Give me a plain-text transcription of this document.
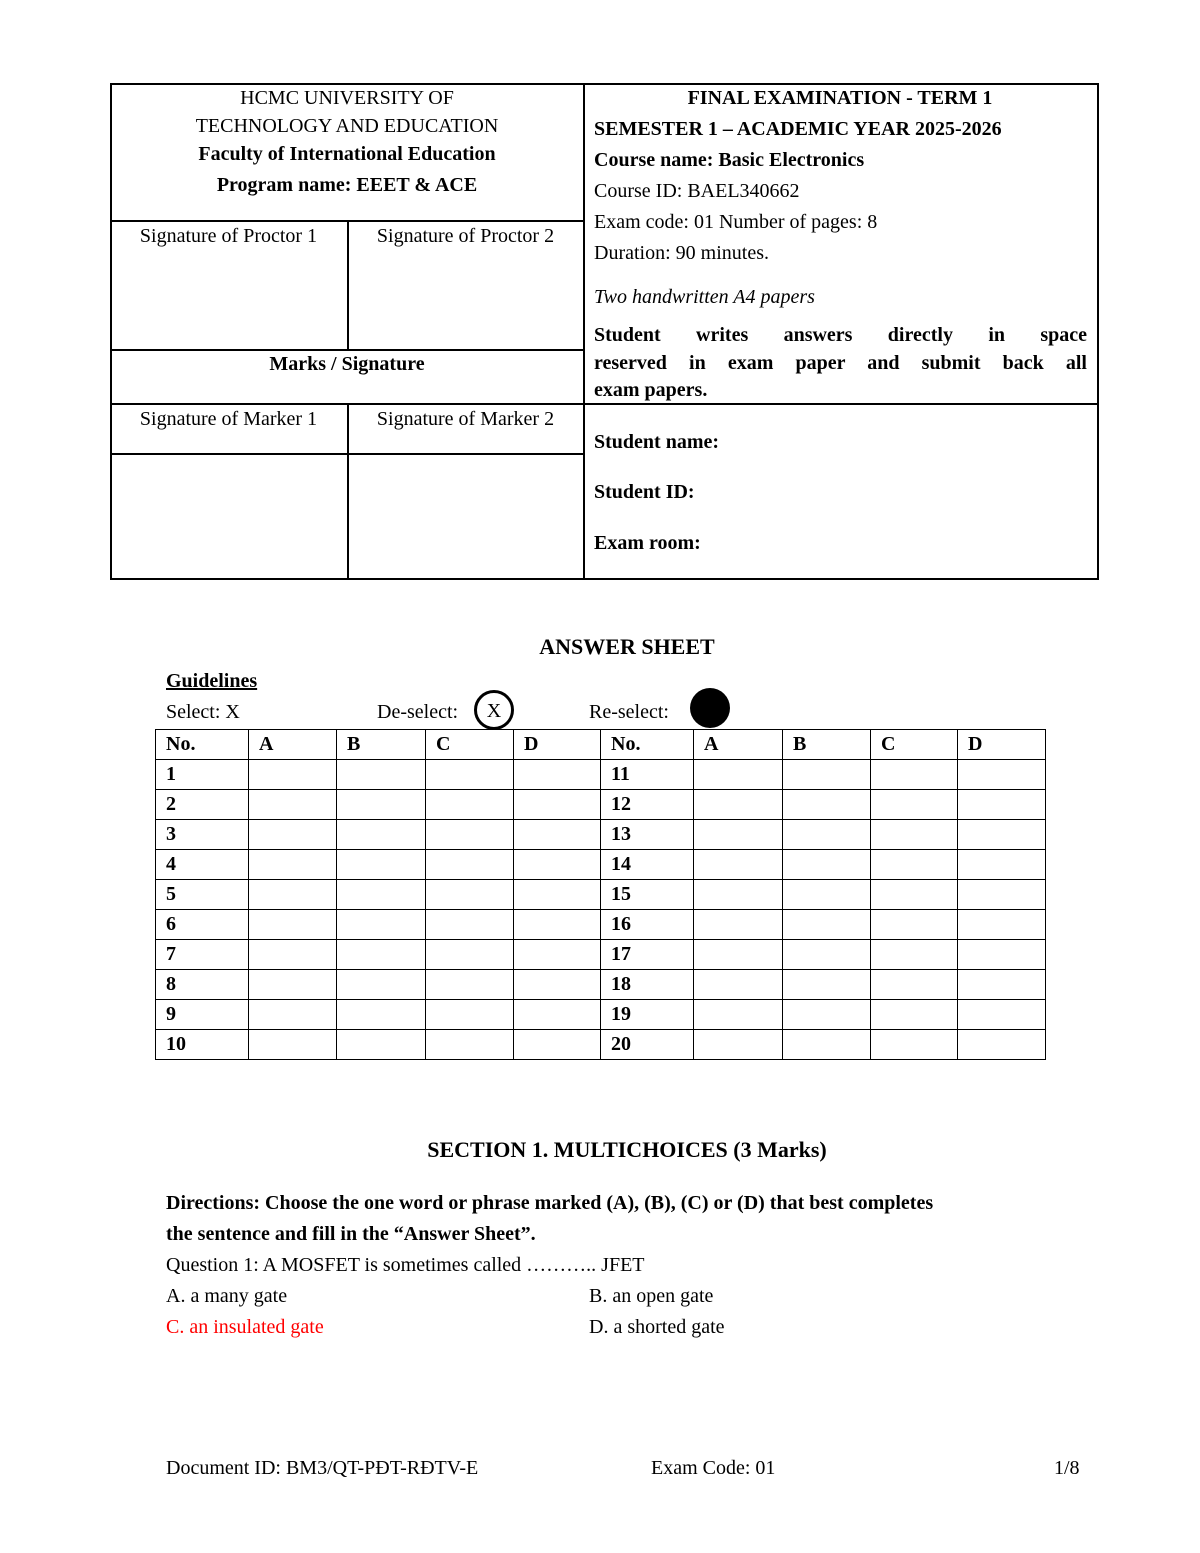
HCMC UNIVERSITY OF
TECHNOLOGY AND EDUCATION
Faculty of International Education
Program name: EEET & ACE
Signature of Proctor 1	Signature of Proctor 2
Marks / Signature
Signature of Marker 1	Signature of Marker 2
FINAL EXAMINATION - TERM 1
SEMESTER 1 – ACADEMIC YEAR 2025-2026
Course name: Basic Electronics
Course ID: BAEL340662
Exam code: 01 Number of pages: 8
Duration: 90 minutes.
Two handwritten A4 papers
Student writes answers directly in space
reserved in exam paper and submit back all
exam papers.
Student name:
Student ID:
Exam room:
ANSWER SHEET
Guidelines
Select: X	De-select:	X	Re-select:
No.	A	B	C	D	No.	A	B	C	D
1					11				
2					12				
3					13				
4					14				
5					15				
6					16				
7					17				
8					18				
9					19				
10					20				
SECTION 1. MULTICHOICES (3 Marks)
Directions: Choose the one word or phrase marked (A), (B), (C) or (D) that best completes
the sentence and fill in the “Answer Sheet”.
Question 1: A MOSFET is sometimes called ……….. JFET
A. a many gate	B. an open gate
C. an insulated gate	D. a shorted gate
Document ID: BM3/QT-PĐT-RĐTV-E	Exam Code: 01	1/8
